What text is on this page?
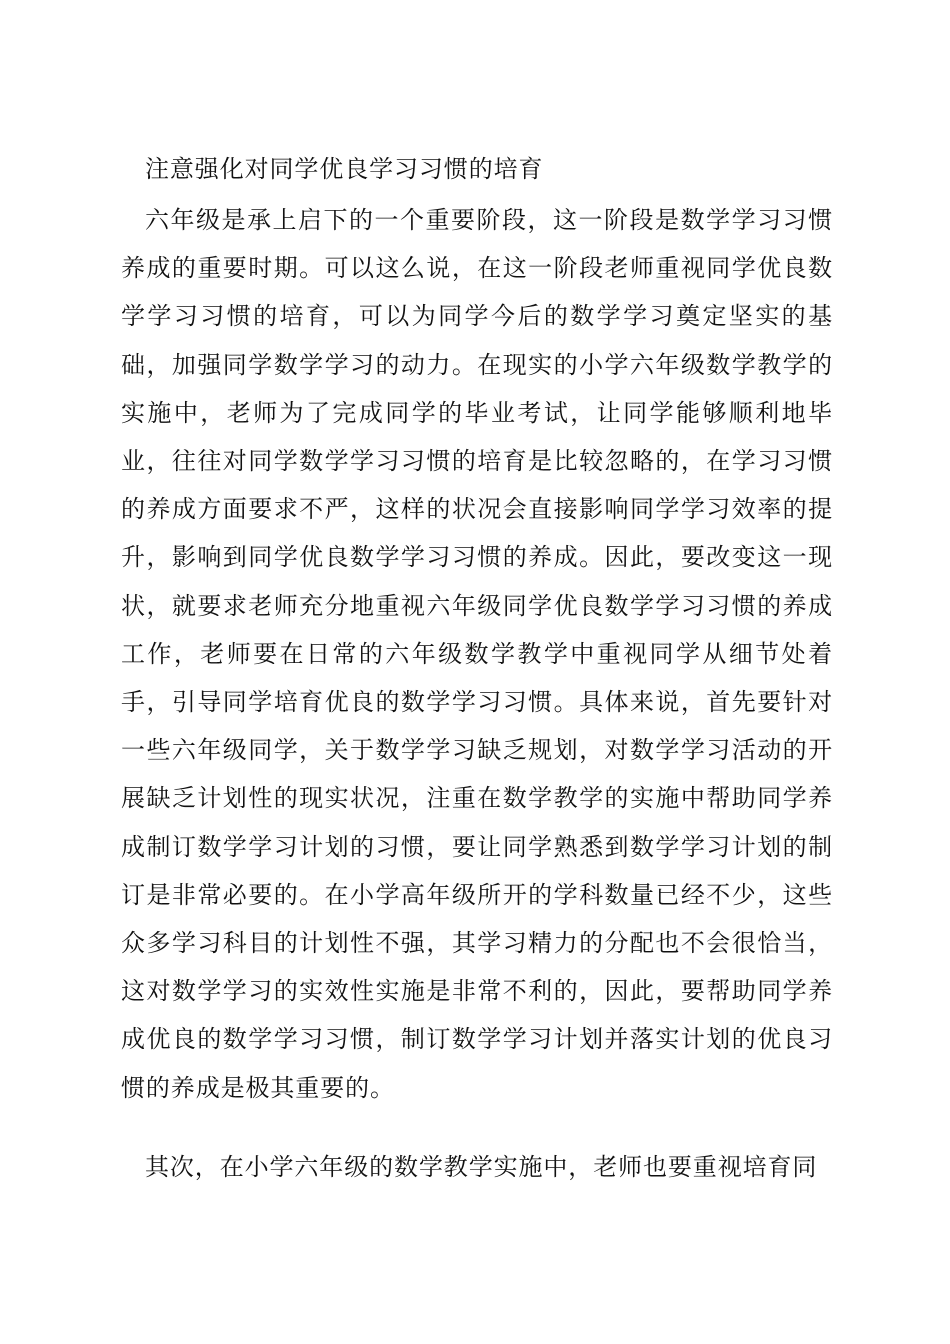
注意强化对同学优良学习习惯的培育

六年级是承上启下的一个重要阶段，这一阶段是数学学习习惯养成的重要时期。可以这么说，在这一阶段老师重视同学优良数学学习习惯的培育，可以为同学今后的数学学习奠定坚实的基础，加强同学数学学习的动力。在现实的小学六年级数学教学的实施中，老师为了完成同学的毕业考试，让同学能够顺利地毕业，往往对同学数学学习习惯的培育是比较忽略的，在学习习惯的养成方面要求不严，这样的状况会直接影响同学学习效率的提升，影响到同学优良数学学习习惯的养成。因此，要改变这一现状，就要求老师充分地重视六年级同学优良数学学习习惯的养成工作，老师要在日常的六年级数学教学中重视同学从细节处着手，引导同学培育优良的数学学习习惯。具体来说，首先要针对一些六年级同学，关于数学学习缺乏规划，对数学学习活动的开展缺乏计划性的现实状况，注重在数学教学的实施中帮助同学养成制订数学学习计划的习惯，要让同学熟悉到数学学习计划的制订是非常必要的。在小学高年级所开的学科数量已经不少，这些众多学习科目的计划性不强，其学习精力的分配也不会很恰当，这对数学学习的实效性实施是非常不利的，因此，要帮助同学养成优良的数学学习习惯，制订数学学习计划并落实计划的优良习惯的养成是极其重要的。

其次，在小学六年级的数学教学实施中，老师也要重视培育同
